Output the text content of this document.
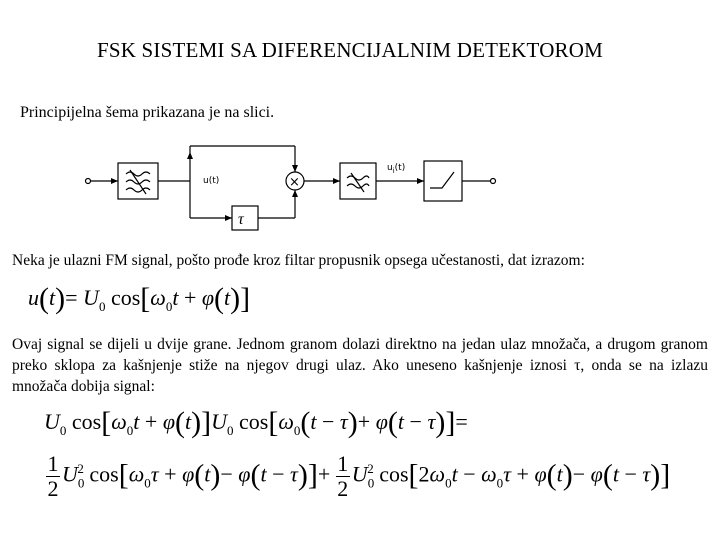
FSK SISTEMI SA DIFERENCIJALNIM DETEKTOROM
Principijelna šema prikazana je na slici.
u(t)
$u_i(t)$
τ
×
Neka je ulazni FM signal, pošto prođe kroz filtar propusnik opsega učestanosti, dat izrazom:
$u(t)= U_0$ $\cos[\omega_0t + \varphi(t)]$
Ovaj signal se dijeli u dvije grane. Jednom granom dolazi direktno na jedan ulaz množača, a drugom granom preko sklopa za kašnjenje stiže na njegov drugi ulaz. Ako uneseno kašnjenje iznosi τ, onda se na izlazu množača dobija signal:
$U_0$ $\cos[\omega_0t + \varphi(t)]U_0$ $\cos[\omega_0(t - \tau)+ \varphi(t - \tau)]=$
$\frac{1}{2} U_0^2$ $\cos[\omega_0\tau + \varphi(t)- \varphi(t - \tau)]+ \frac{1}{2} U_0^2$ $\cos[2\omega_0t - \omega_0\tau + \varphi(t)- \varphi(t - \tau)]$
